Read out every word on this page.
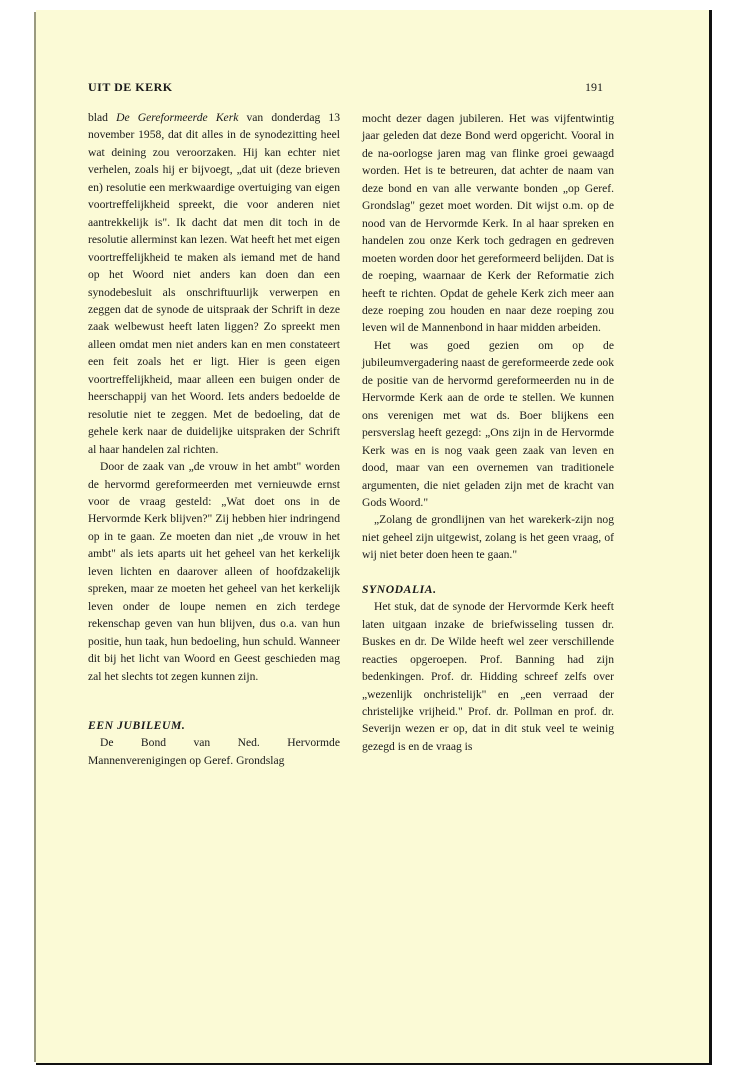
UIT DE KERK	191

blad De Gereformeerde Kerk van donderdag 13 november 1958, dat dit alles in de synodezitting heel wat deining zou veroorzaken. Hij kan echter niet verhelen, zoals hij er bijvoegt, „dat uit (deze brieven en) resolutie een merkwaardige overtuiging van eigen voortreffelijkheid spreekt, die voor anderen niet aantrekkelijk is". Ik dacht dat men dit toch in de resolutie allerminst kan lezen. Wat heeft het met eigen voortreffelijkheid te maken als iemand met de hand op het Woord niet anders kan doen dan een synodebesluit als onschriftuurlijk verwerpen en zeggen dat de synode de uitspraak der Schrift in deze zaak welbewust heeft laten liggen? Zo spreekt men alleen omdat men niet anders kan en men constateert een feit zoals het er ligt. Hier is geen eigen voortreffelijkheid, maar alleen een buigen onder de heerschappij van het Woord. Iets anders bedoelde de resolutie niet te zeggen. Met de bedoeling, dat de gehele kerk naar de duidelijke uitspraken der Schrift al haar handelen zal richten.

Door de zaak van „de vrouw in het ambt" worden de hervormd gereformeerden met vernieuwde ernst voor de vraag gesteld: „Wat doet ons in de Hervormde Kerk blijven?" Zij hebben hier indringend op in te gaan. Ze moeten dan niet „de vrouw in het ambt" als iets aparts uit het geheel van het kerkelijk leven lichten en daarover alleen of hoofdzakelijk spreken, maar ze moeten het geheel van het kerkelijk leven onder de loupe nemen en zich terdege rekenschap geven van hun blijven, dus o.a. van hun positie, hun taak, hun bedoeling, hun schuld. Wanneer dit bij het licht van Woord en Geest geschieden mag zal het slechts tot zegen kunnen zijn.

EEN JUBILEUM.

De Bond van Ned. Hervormde Mannenverenigingen op Geref. Grondslag

mocht dezer dagen jubileren. Het was vijfentwintig jaar geleden dat deze Bond werd opgericht. Vooral in de na-oorlogse jaren mag van flinke groei gewaagd worden. Het is te betreuren, dat achter de naam van deze bond en van alle verwante bonden „op Geref. Grondslag" gezet moet worden. Dit wijst o.m. op de nood van de Hervormde Kerk. In al haar spreken en handelen zou onze Kerk toch gedragen en gedreven moeten worden door het gereformeerd belijden. Dat is de roeping, waarnaar de Kerk der Reformatie zich heeft te richten. Opdat de gehele Kerk zich meer aan deze roeping zou houden en naar deze roeping zou leven wil de Mannenbond in haar midden arbeiden.

Het was goed gezien om op de jubileumvergadering naast de gereformeerde zede ook de positie van de hervormd gereformeerden nu in de Hervormde Kerk aan de orde te stellen. We kunnen ons verenigen met wat ds. Boer blijkens een persverslag heeft gezegd: „Ons zijn in de Hervormde Kerk was en is nog vaak geen zaak van leven en dood, maar van een overnemen van traditionele argumenten, die niet geladen zijn met de kracht van Gods Woord."

„Zolang de grondlijnen van het warekerk-zijn nog niet geheel zijn uitgewist, zolang is het geen vraag, of wij niet beter doen heen te gaan."

SYNODALIA.

Het stuk, dat de synode der Hervormde Kerk heeft laten uitgaan inzake de briefwisseling tussen dr. Buskes en dr. De Wilde heeft wel zeer verschillende reacties opgeroepen. Prof. Banning had zijn bedenkingen. Prof. dr. Hidding schreef zelfs over „wezenlijk onchristelijk" en „een verraad der christelijke vrijheid." Prof. dr. Pollman en prof. dr. Severijn wezen er op, dat in dit stuk veel te weinig gezegd is en de vraag is
